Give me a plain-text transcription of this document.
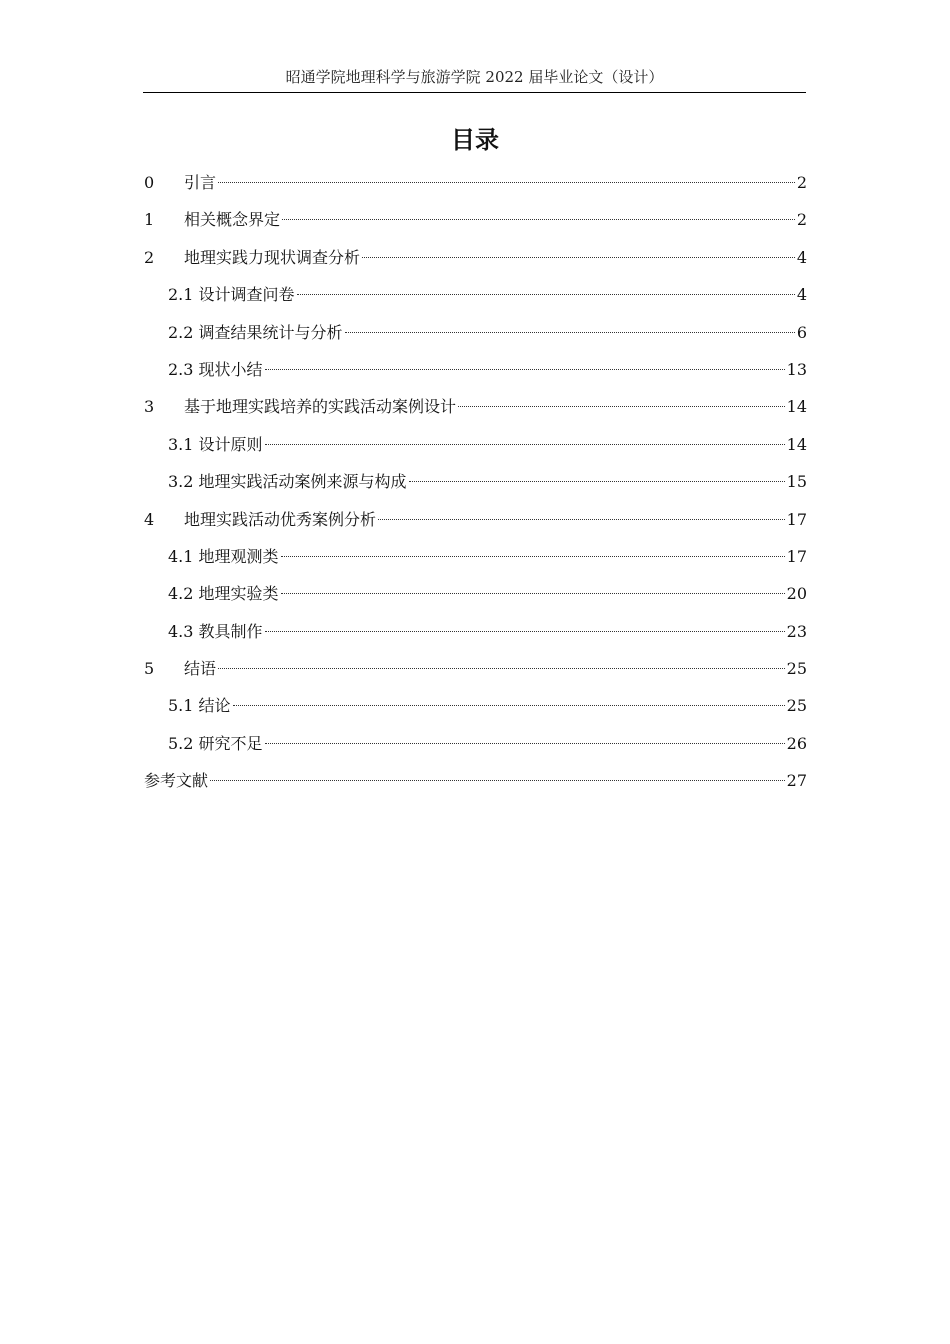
昭通学院地理科学与旅游学院 2022 届毕业论文（设计）
目录
0	引言	2
1	相关概念界定	2
2	地理实践力现状调查分析	4
2.1 设计调查问卷	4
2.2 调查结果统计与分析	6
2.3 现状小结	13
3	基于地理实践培养的实践活动案例设计	14
3.1 设计原则	14
3.2 地理实践活动案例来源与构成	15
4	地理实践活动优秀案例分析	17
4.1 地理观测类	17
4.2 地理实验类	20
4.3 教具制作	23
5	结语	25
5.1 结论	25
5.2 研究不足	26
参考文献	27
